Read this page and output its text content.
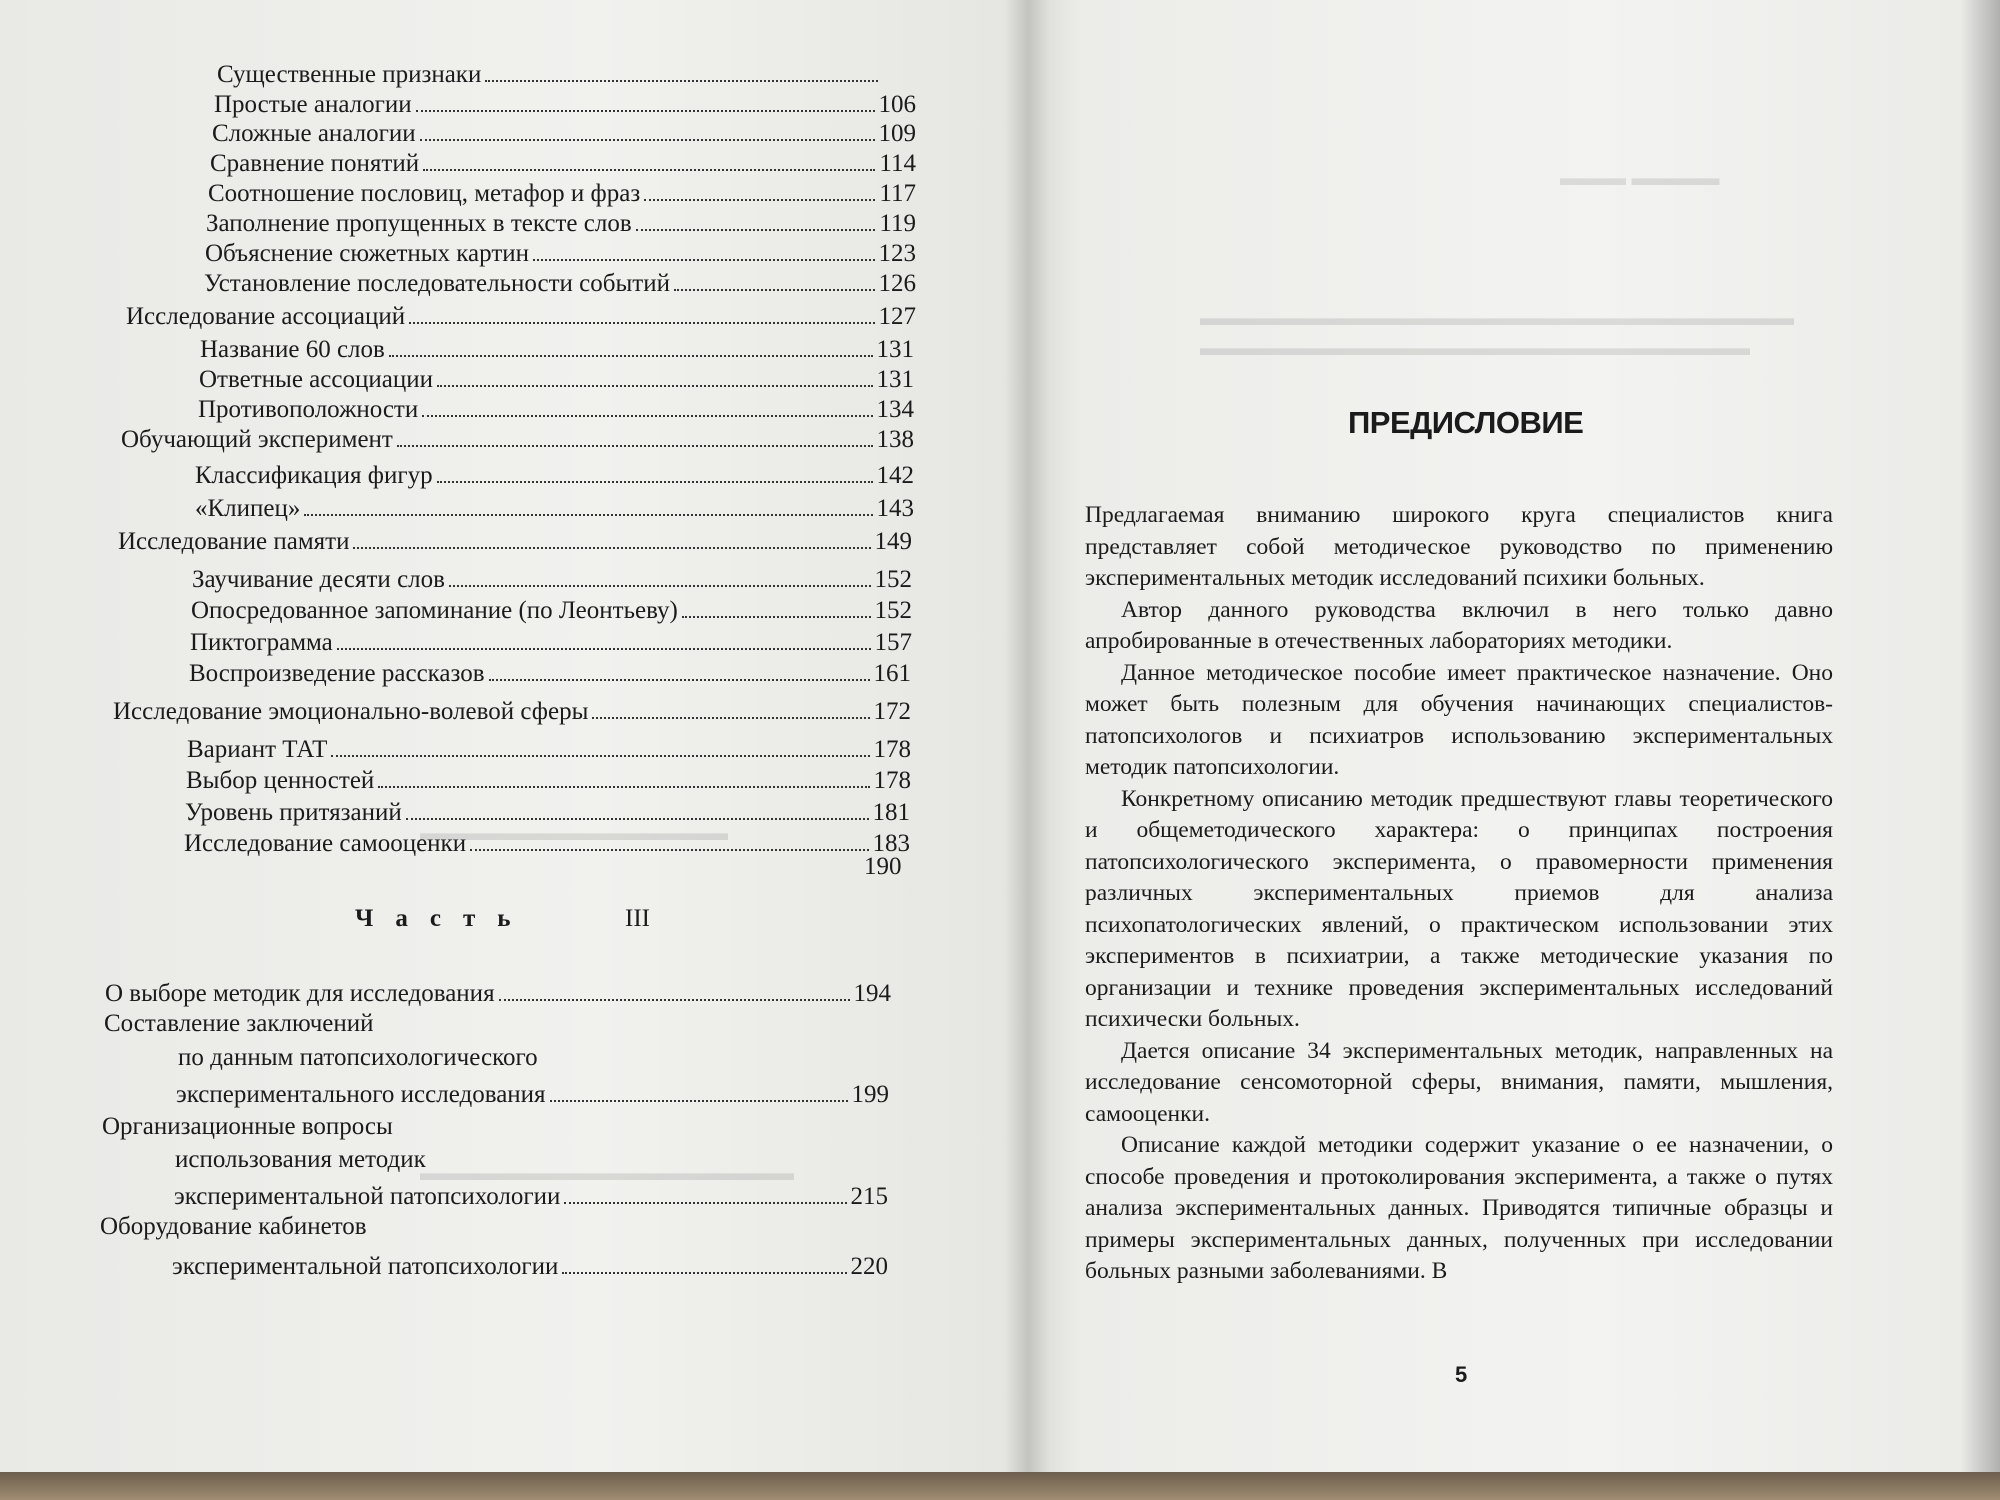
▬▬▬ ▬▬▬▬
▬▬▬▬▬▬▬▬▬▬▬▬▬▬▬▬▬▬▬▬▬▬▬▬▬▬▬
▬▬▬▬▬▬▬▬▬▬▬▬▬▬▬▬▬▬▬▬▬▬▬▬▬
▬▬▬▬▬▬▬▬▬▬▬▬▬▬
▬▬▬▬▬▬▬▬▬▬▬▬▬▬▬▬▬
Существенные признаки
Простые аналогии	106
Сложные аналогии	109
Сравнение понятий	114
Соотношение пословиц, метафор и фраз	117
Заполнение пропущенных в тексте слов	119
Объяснение сюжетных картин	123
Установление последовательности событий	126
Исследование ассоциаций	127
Название 60 слов	131
Ответные ассоциации	131
Противоположности	134
Обучающий эксперимент	138
Классификация фигур	142
«Клипец»	143
Исследование памяти	149
Заучивание десяти слов	152
Опосредованное запоминание (по Леонтьеву)	152
Пиктограмма	157
Воспроизведение рассказов	161
Исследование эмоционально-волевой сферы	172
Вариант ТАТ	178
Выбор ценностей	178
Уровень притязаний	181
Исследование самооценки	183
190
Часть	III
О выборе методик для исследования	194
Составление заключений
по данным патопсихологического
экспериментального исследования	199
Организационные вопросы
использования методик
экспериментальной патопсихологии	215
Оборудование кабинетов
экспериментальной патопсихологии	220
ПРЕДИСЛОВИЕ

Предлагаемая вниманию широкого круга специалистов книга представляет собой методическое руководство по применению экспериментальных методик исследований психики больных.

Автор данного руководства включил в него только давно апробированные в отечественных лабораториях методики.

Данное методическое пособие имеет практическое назначение. Оно может быть полезным для обучения начинающих специалистов-патопсихологов и психиатров использованию экспериментальных методик патопсихологии.

Конкретному описанию методик предшествуют главы теоретического и общеметодического характера: о принципах построения патопсихологического эксперимента, о правомерности применения различных экспериментальных приемов для анализа психопатологических явлений, о практическом использовании этих экспериментов в психиатрии, а также методические указания по организации и технике проведения экспериментальных исследований психически больных.

Дается описание 34 экспериментальных методик, направленных на исследование сенсомоторной сферы, внимания, памяти, мышления, самооценки.

Описание каждой методики содержит указание о ее назначении, о способе проведения и протоколирования эксперимента, а также о путях анализа экспериментальных данных. Приводятся типичные образцы и примеры экспериментальных данных, полученных при исследовании больных разными заболеваниями. В

5
